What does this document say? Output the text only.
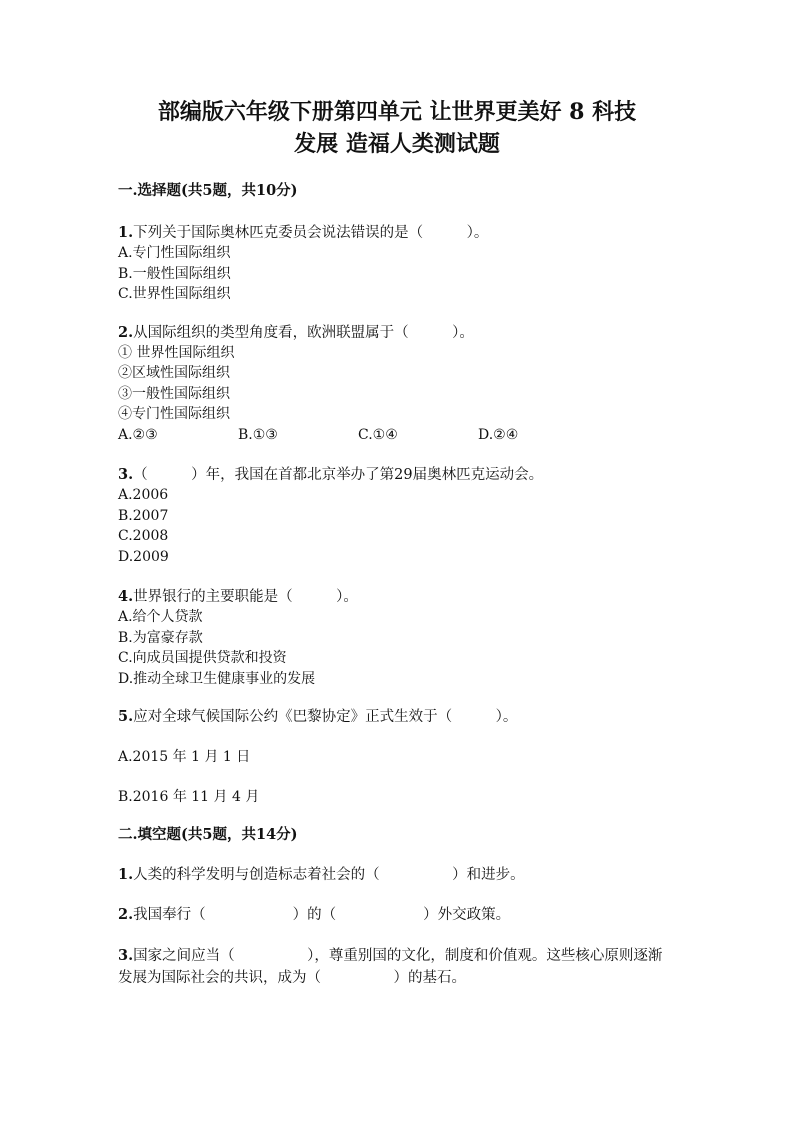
部编版六年级下册第四单元 让世界更美好 8 科技
发展 造福人类测试题
一.选择题(共5题，共10分)
1.下列关于国际奥林匹克委员会说法错误的是（　　　）。
A.专门性国际组织
B.一般性国际组织
C.世界性国际组织
2.从国际组织的类型角度看，欧洲联盟属于（　　　）。
① 世界性国际组织
②区域性国际组织
③一般性国际组织
④专门性国际组织
A.②③	B.①③	C.①④	D.②④
3.（　　　）年，我国在首都北京举办了第29届奥林匹克运动会。
A.2006
B.2007
C.2008
D.2009
4.世界银行的主要职能是（　　　）。
A.给个人贷款
B.为富豪存款
C.向成员国提供贷款和投资
D.推动全球卫生健康事业的发展
5.应对全球气候国际公约《巴黎协定》正式生效于（　　　）。
A.2015 年 1 月 1 日
B.2016 年 11 月 4 月
二.填空题(共5题，共14分)
1.人类的科学发明与创造标志着社会的（　　　　　）和进步。
2.我国奉行（　　　　　　）的（　　　　　　）外交政策。
3.国家之间应当（　　　　　），尊重别国的文化，制度和价值观。这些核心原则逐渐发展为国际社会的共识，成为（　　　　　）的基石。
